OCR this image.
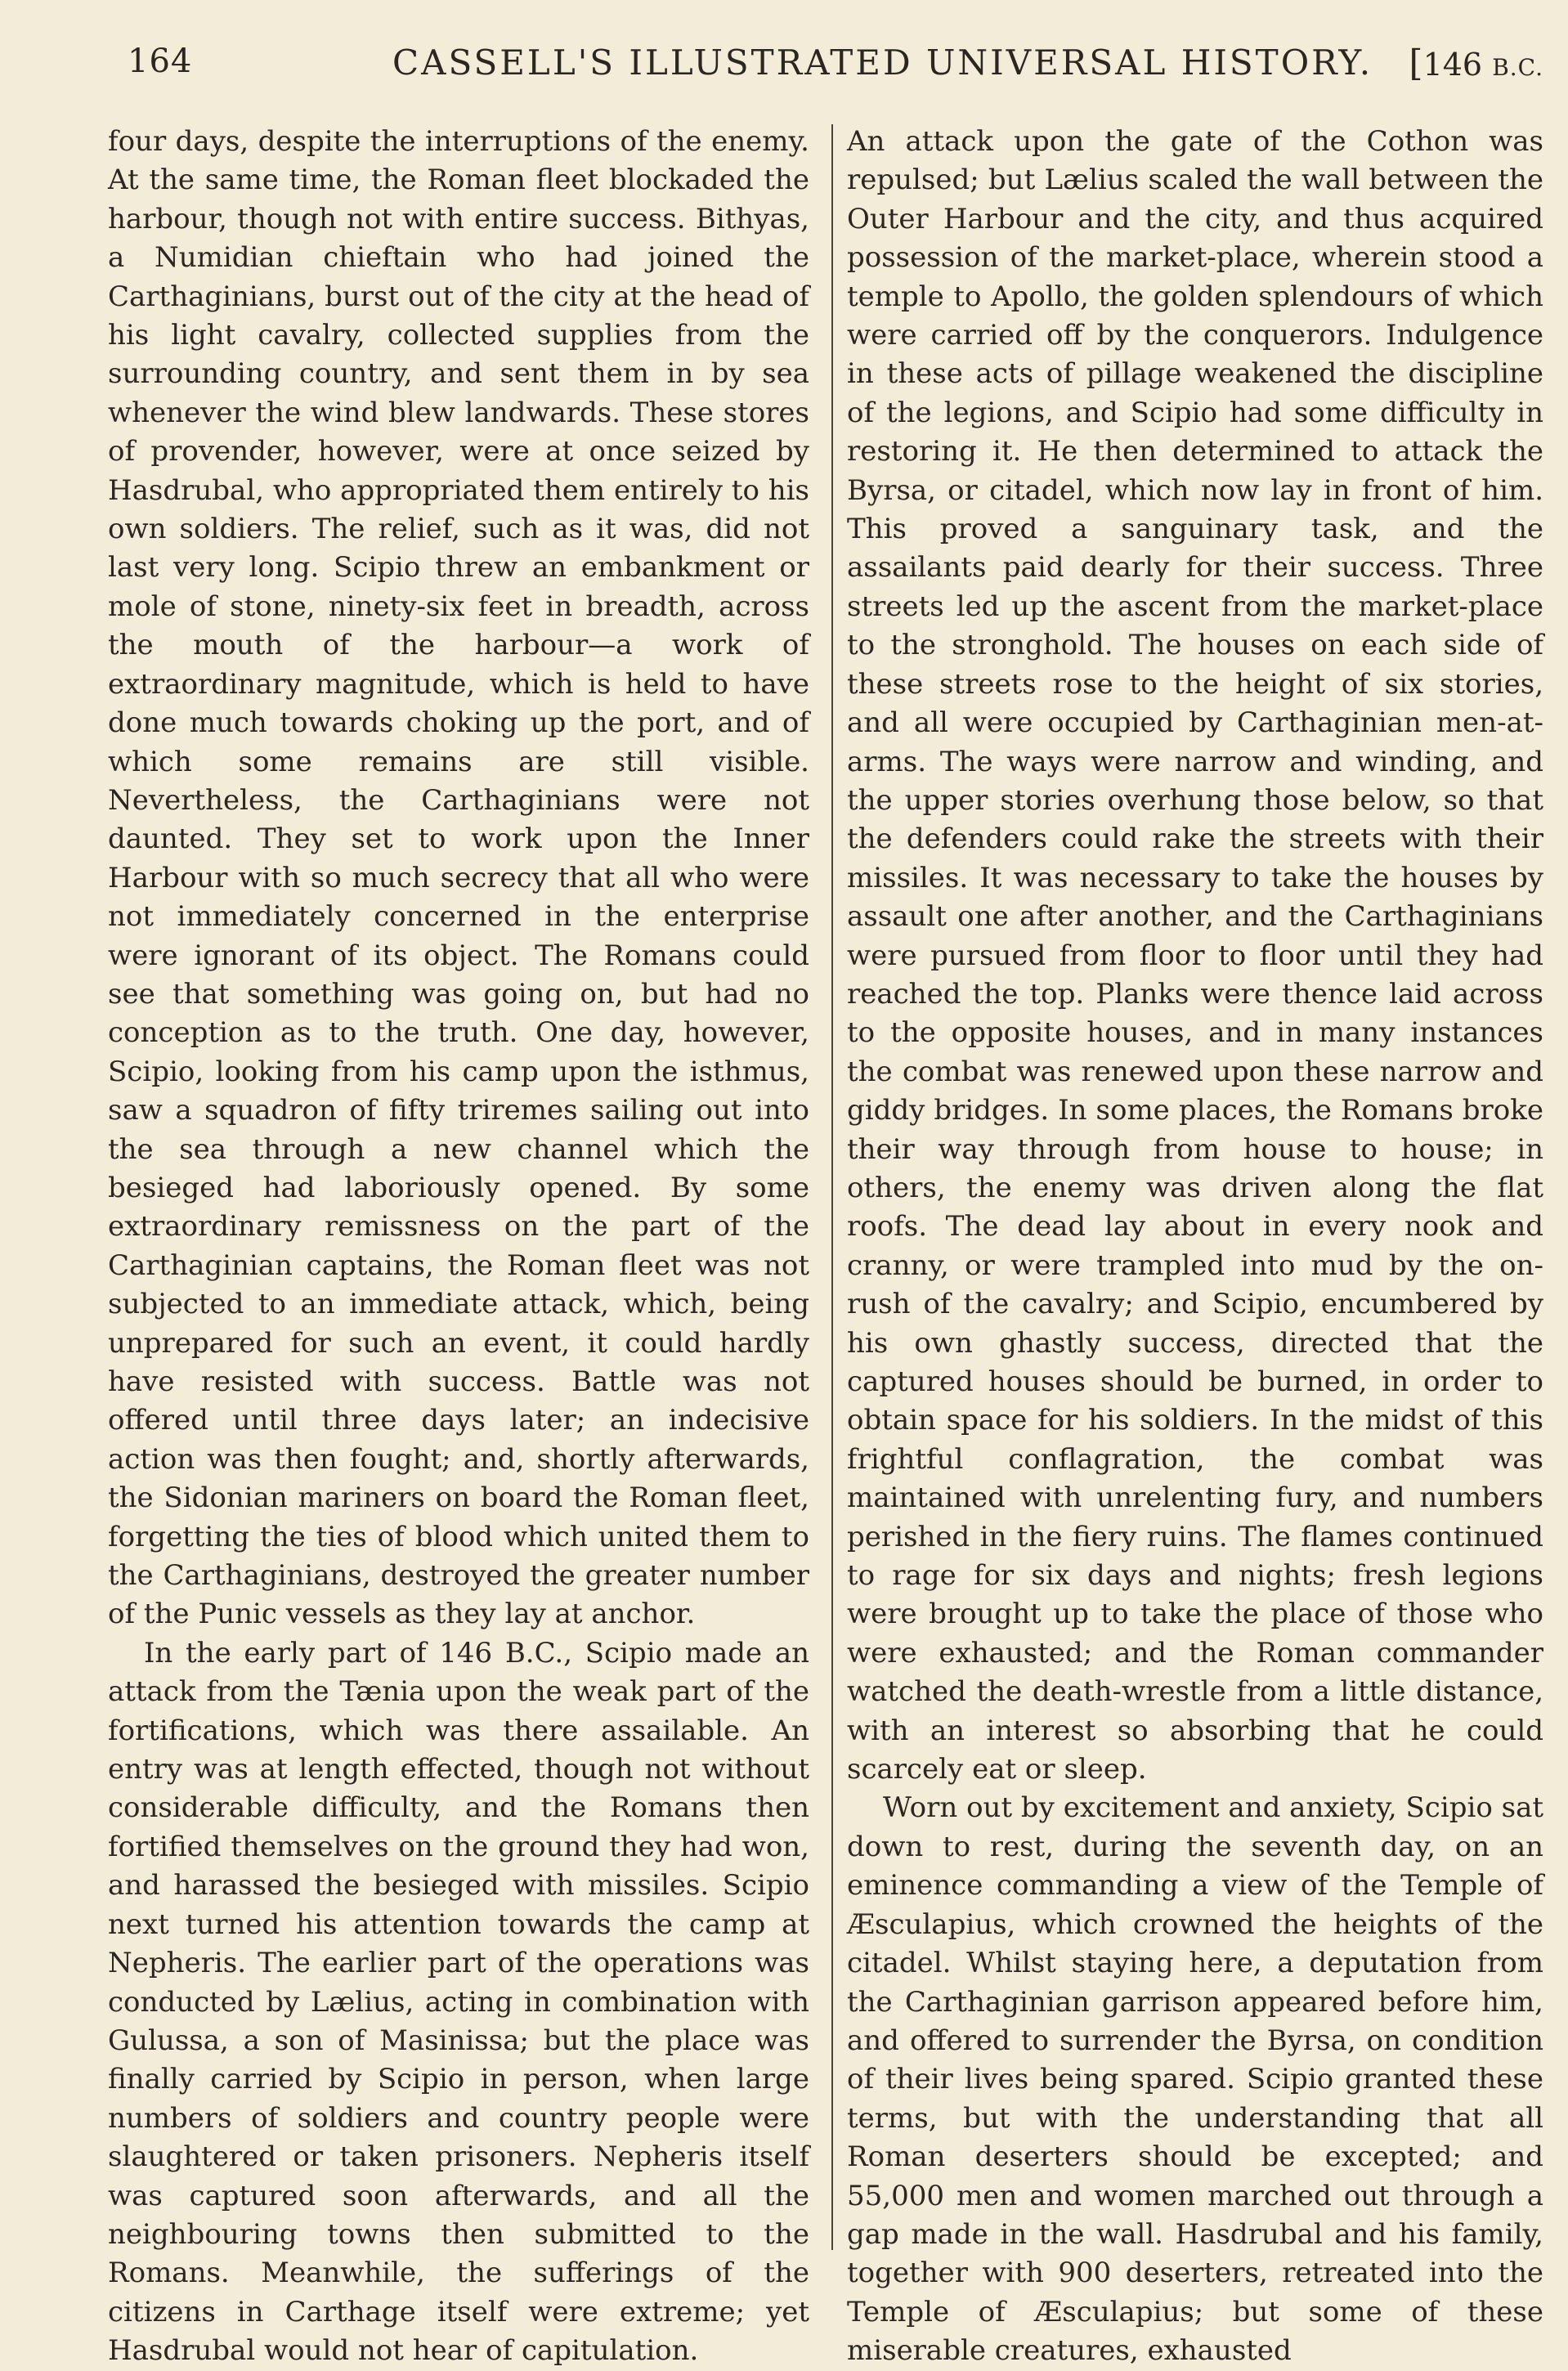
164	CASSELL'S ILLUSTRATED UNIVERSAL HISTORY. [146 B.C.

four days, despite the interruptions of the enemy. At the same time, the Roman fleet blockaded the harbour, though not with entire success. Bithyas, a Numidian chieftain who had joined the Carthaginians, burst out of the city at the head of his light cavalry, collected supplies from the surrounding country, and sent them in by sea whenever the wind blew landwards. These stores of provender, however, were at once seized by Hasdrubal, who appropriated them entirely to his own soldiers. The relief, such as it was, did not last very long. Scipio threw an embankment or mole of stone, ninety-six feet in breadth, across the mouth of the harbour—a work of extraordinary magnitude, which is held to have done much towards choking up the port, and of which some remains are still visible. Nevertheless, the Carthaginians were not daunted. They set to work upon the Inner Harbour with so much secrecy that all who were not immediately concerned in the enterprise were ignorant of its object. The Romans could see that something was going on, but had no conception as to the truth. One day, however, Scipio, looking from his camp upon the isthmus, saw a squadron of fifty triremes sailing out into the sea through a new channel which the besieged had laboriously opened. By some extraordinary remissness on the part of the Carthaginian captains, the Roman fleet was not subjected to an immediate attack, which, being unprepared for such an event, it could hardly have resisted with success. Battle was not offered until three days later; an indecisive action was then fought; and, shortly afterwards, the Sidonian mariners on board the Roman fleet, forgetting the ties of blood which united them to the Carthaginians, destroyed the greater number of the Punic vessels as they lay at anchor.

In the early part of 146 B.C., Scipio made an attack from the Tænia upon the weak part of the fortifications, which was there assailable. An entry was at length effected, though not without considerable difficulty, and the Romans then fortified themselves on the ground they had won, and harassed the besieged with missiles. Scipio next turned his attention towards the camp at Nepheris. The earlier part of the operations was conducted by Lælius, acting in combination with Gulussa, a son of Masinissa; but the place was finally carried by Scipio in person, when large numbers of soldiers and country people were slaughtered or taken prisoners. Nepheris itself was captured soon afterwards, and all the neighbouring towns then submitted to the Romans. Meanwhile, the sufferings of the citizens in Carthage itself were extreme; yet Hasdrubal would not hear of capitulation.

An attack upon the gate of the Cothon was repulsed; but Lælius scaled the wall between the Outer Harbour and the city, and thus acquired possession of the market-place, wherein stood a temple to Apollo, the golden splendours of which were carried off by the conquerors. Indulgence in these acts of pillage weakened the discipline of the legions, and Scipio had some difficulty in restoring it. He then determined to attack the Byrsa, or citadel, which now lay in front of him. This proved a sanguinary task, and the assailants paid dearly for their success. Three streets led up the ascent from the market-place to the stronghold. The houses on each side of these streets rose to the height of six stories, and all were occupied by Carthaginian men-at-arms. The ways were narrow and winding, and the upper stories overhung those below, so that the defenders could rake the streets with their missiles. It was necessary to take the houses by assault one after another, and the Carthaginians were pursued from floor to floor until they had reached the top. Planks were thence laid across to the opposite houses, and in many instances the combat was renewed upon these narrow and giddy bridges. In some places, the Romans broke their way through from house to house; in others, the enemy was driven along the flat roofs. The dead lay about in every nook and cranny, or were trampled into mud by the on-rush of the cavalry; and Scipio, encumbered by his own ghastly success, directed that the captured houses should be burned, in order to obtain space for his soldiers. In the midst of this frightful conflagration, the combat was maintained with unrelenting fury, and numbers perished in the fiery ruins. The flames continued to rage for six days and nights; fresh legions were brought up to take the place of those who were exhausted; and the Roman commander watched the death-wrestle from a little distance, with an interest so absorbing that he could scarcely eat or sleep.

Worn out by excitement and anxiety, Scipio sat down to rest, during the seventh day, on an eminence commanding a view of the Temple of Æsculapius, which crowned the heights of the citadel. Whilst staying here, a deputation from the Carthaginian garrison appeared before him, and offered to surrender the Byrsa, on condition of their lives being spared. Scipio granted these terms, but with the understanding that all Roman deserters should be excepted; and 55,000 men and women marched out through a gap made in the wall. Hasdrubal and his family, together with 900 deserters, retreated into the Temple of Æsculapius; but some of these miserable creatures, exhausted
